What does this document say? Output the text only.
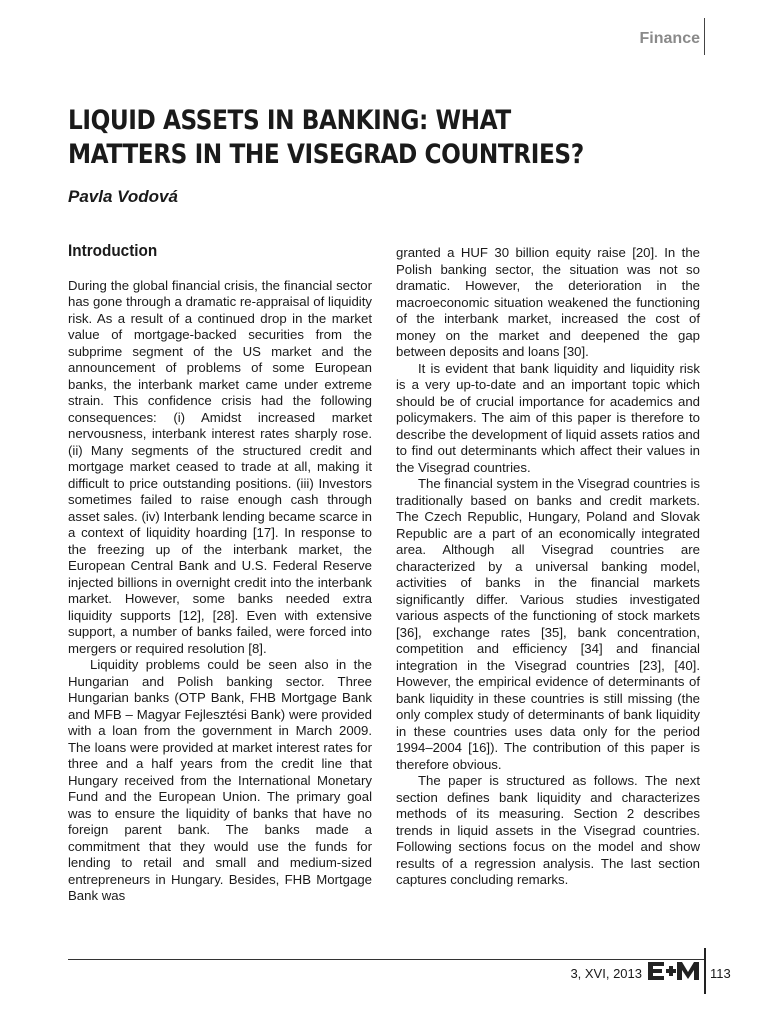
Finance
LIQUID ASSETS IN BANKING: WHAT
MATTERS IN THE VISEGRAD COUNTRIES?
Pavla Vodová
Introduction

During the global financial crisis, the financial sector has gone through a dramatic re-appraisal of liquidity risk. As a result of a continued drop in the market value of mortgage-backed securities from the subprime segment of the US market and the announcement of problems of some European banks, the interbank market came under extreme strain. This confidence crisis had the following consequences: (i) Amidst increased market nervousness, interbank interest rates sharply rose. (ii) Many segments of the structured credit and mortgage market ceased to trade at all, making it difficult to price outstanding positions. (iii) Investors sometimes failed to raise enough cash through asset sales. (iv) Interbank lending became scarce in a context of liquidity hoarding [17]. In response to the freezing up of the interbank market, the European Central Bank and U.S. Federal Reserve injected billions in overnight credit into the interbank market. However, some banks needed extra liquidity supports [12], [28]. Even with extensive support, a number of banks failed, were forced into mergers or required resolution [8].

Liquidity problems could be seen also in the Hungarian and Polish banking sector. Three Hungarian banks (OTP Bank, FHB Mortgage Bank and MFB – Magyar Fejlesztési Bank) were provided with a loan from the government in March 2009. The loans were provided at market interest rates for three and a half years from the credit line that Hungary received from the International Monetary Fund and the European Union. The primary goal was to ensure the liquidity of banks that have no foreign parent bank. The banks made a commitment that they would use the funds for lending to retail and small and medium-sized entrepreneurs in Hungary. Besides, FHB Mortgage Bank was

granted a HUF 30 billion equity raise [20]. In the Polish banking sector, the situation was not so dramatic. However, the deterioration in the macroeconomic situation weakened the functioning of the interbank market, increased the cost of money on the market and deepened the gap between deposits and loans [30].

It is evident that bank liquidity and liquidity risk is a very up-to-date and an important topic which should be of crucial importance for academics and policymakers. The aim of this paper is therefore to describe the development of liquid assets ratios and to find out determinants which affect their values in the Visegrad countries.

The financial system in the Visegrad countries is traditionally based on banks and credit markets. The Czech Republic, Hungary, Poland and Slovak Republic are a part of an economically integrated area. Although all Visegrad countries are characterized by a universal banking model, activities of banks in the financial markets significantly differ. Various studies investigated various aspects of the functioning of stock markets [36], exchange rates [35], bank concentration, competition and efficiency [34] and financial integration in the Visegrad countries [23], [40]. However, the empirical evidence of determinants of bank liquidity in these countries is still missing (the only complex study of determinants of bank liquidity in these countries uses data only for the period 1994–2004 [16]). The contribution of this paper is therefore obvious.

The paper is structured as follows. The next section defines bank liquidity and characterizes methods of its measuring. Section 2 describes trends in liquid assets in the Visegrad countries. Following sections focus on the model and show results of a regression analysis. The last section captures concluding remarks.

3, XVI, 2013	113
